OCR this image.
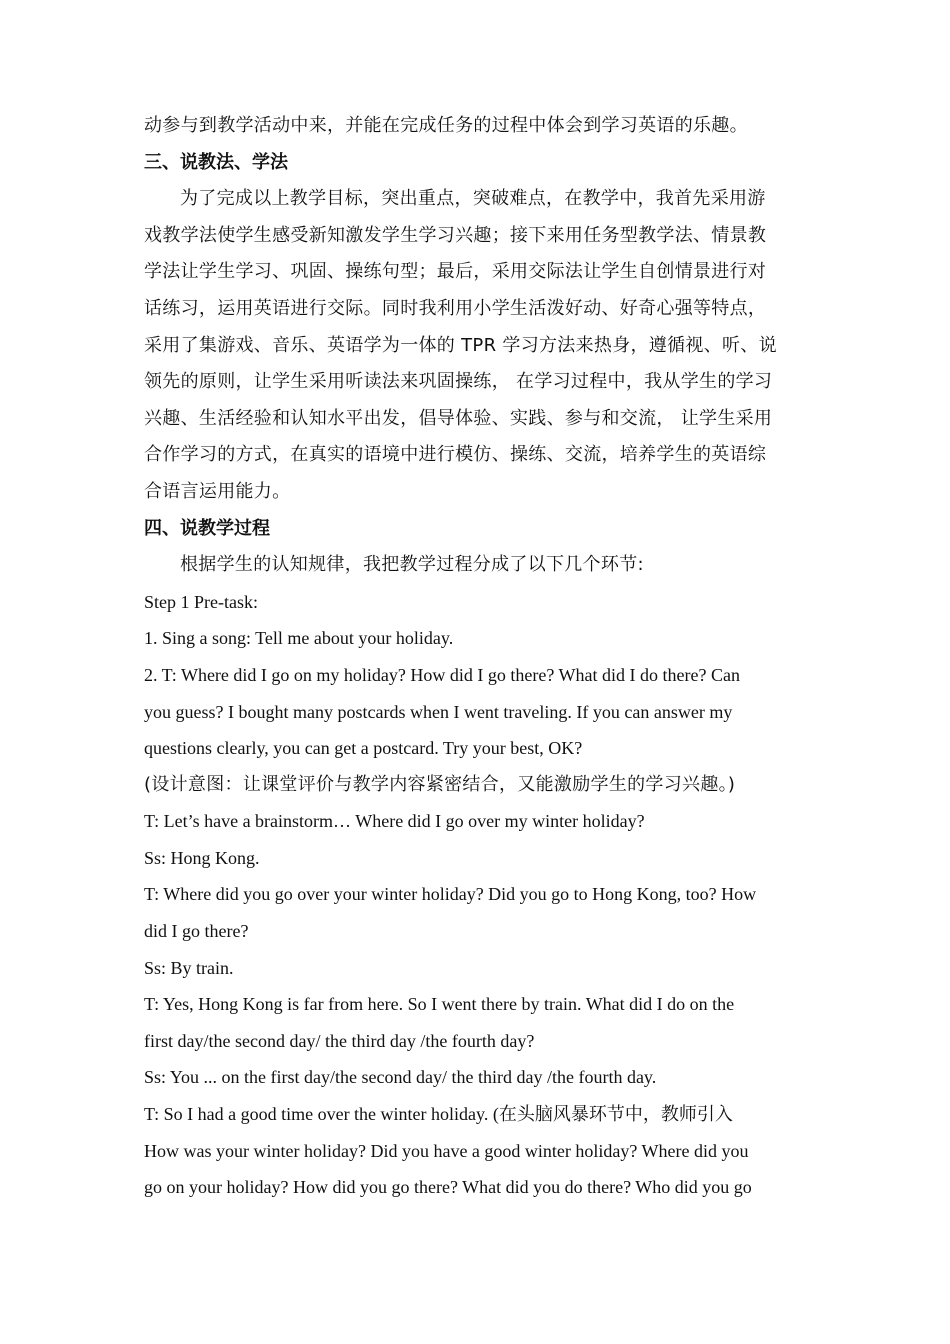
动参与到教学活动中来，并能在完成任务的过程中体会到学习英语的乐趣。
三、说教法、学法
为了完成以上教学目标，突出重点，突破难点，在教学中，我首先采用游
戏教学法使学生感受新知激发学生学习兴趣；接下来用任务型教学法、情景教
学法让学生学习、巩固、操练句型；最后，采用交际法让学生自创情景进行对
话练习，运用英语进行交际。同时我利用小学生活泼好动、好奇心强等特点，
采用了集游戏、音乐、英语学为一体的 TPR 学习方法来热身，遵循视、听、说
领先的原则，让学生采用听读法来巩固操练， 在学习过程中，我从学生的学习
兴趣、生活经验和认知水平出发，倡导体验、实践、参与和交流， 让学生采用
合作学习的方式，在真实的语境中进行模仿、操练、交流，培养学生的英语综
合语言运用能力。
四、说教学过程
根据学生的认知规律，我把教学过程分成了以下几个环节:
Step 1 Pre-task:
1. Sing a song: Tell me about your holiday.
2. T: Where did I go on my holiday? How did I go there? What did I do there? Can
you guess? I bought many postcards when I went traveling. If you can answer my
questions clearly, you can get a postcard. Try your best, OK?
(设计意图：让课堂评价与教学内容紧密结合，又能激励学生的学习兴趣。)
T: Let’s have a brainstorm… Where did I go over my winter holiday?
Ss: Hong Kong.
T: Where did you go over your winter holiday? Did you go to Hong Kong, too? How
did I go there?
Ss: By train.
T: Yes, Hong Kong is far from here. So I went there by train. What did I do on the
first day/the second day/ the third day /the fourth day?
Ss: You ... on the first day/the second day/ the third day /the fourth day.
T: So I had a good time over the winter holiday. (在头脑风暴环节中，教师引入
How was your winter holiday? Did you have a good winter holiday? Where did you
go on your holiday? How did you go there? What did you do there? Who did you go
